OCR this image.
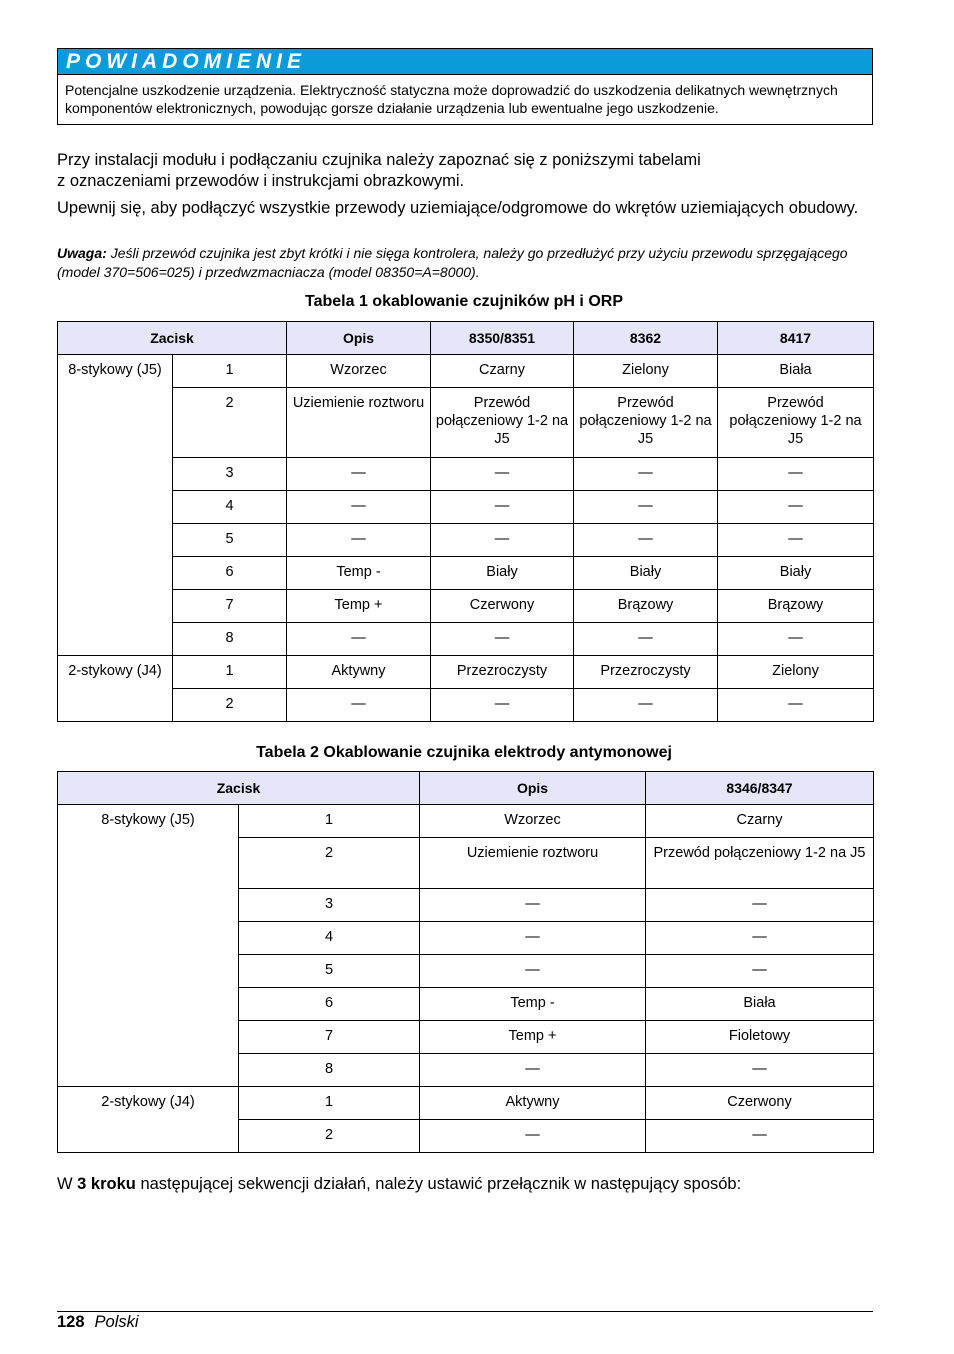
POWIADOMIENIE
Potencjalne uszkodzenie urządzenia. Elektryczność statyczna może doprowadzić do uszkodzenia delikatnych wewnętrznych komponentów elektronicznych, powodując gorsze działanie urządzenia lub ewentualne jego uszkodzenie.

Przy instalacji modułu i podłączaniu czujnika należy zapoznać się z poniższymi tabelami
z oznaczeniami przewodów i instrukcjami obrazkowymi.

Upewnij się, aby podłączyć wszystkie przewody uziemiające/odgromowe do wkrętów uziemiających obudowy.

Uwaga: Jeśli przewód czujnika jest zbyt krótki i nie sięga kontrolera, należy go przedłużyć przy użyciu przewodu sprzęgającego (model 370=506=025) i przedwzmacniacza (model 08350=A=8000).

Tabela 1 okablowanie czujników pH i ORP

Zacisk		Opis	8350/8351	8362	8417
8-stykowy (J5)	1	Wzorzec	Czarny	Zielony	Biała
	2	Uziemienie roztworu	Przewód połączeniowy 1-2 na J5	Przewód połączeniowy 1-2 na J5	Przewód połączeniowy 1-2 na J5
	3	—	—	—	—
	4	—	—	—	—
	5	—	—	—	—
	6	Temp -	Biały	Biały	Biały
	7	Temp +	Czerwony	Brązowy	Brązowy
	8	—	—	—	—
2-stykowy (J4)	1	Aktywny	Przezroczysty	Przezroczysty	Zielony
	2	—	—	—	—

Tabela 2 Okablowanie czujnika elektrody antymonowej

Zacisk		Opis	8346/8347
8-stykowy (J5)	1	Wzorzec	Czarny
	2	Uziemienie roztworu	Przewód połączeniowy 1-2 na J5
	3	—	—
	4	—	—
	5	—	—
	6	Temp -	Biała
	7	Temp +	Fioletowy
	8	—	—
2-stykowy (J4)	1	Aktywny	Czerwony
	2	—	—

W 3 kroku następującej sekwencji działań, należy ustawić przełącznik w następujący sposób:

128 Polski
